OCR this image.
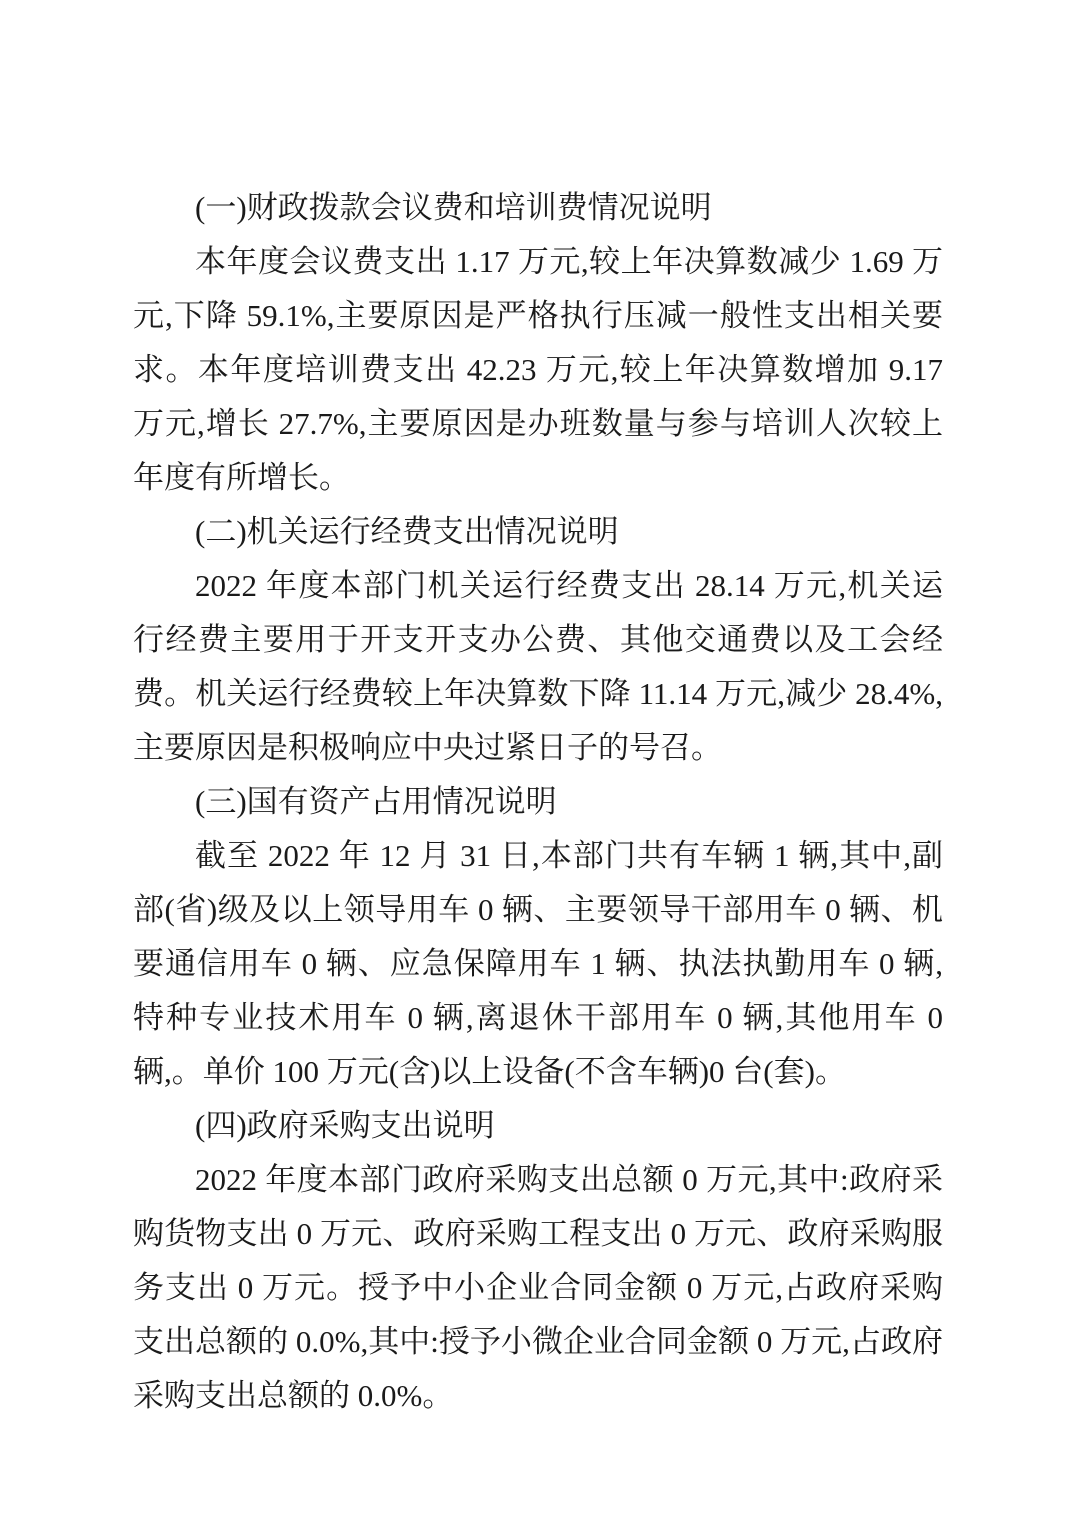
(一)财政拨款会议费和培训费情况说明

本年度会议费支出 1.17 万元,较上年决算数减少 1.69 万元,下降 59.1%,主要原因是严格执行压减一般性支出相关要求。本年度培训费支出 42.23 万元,较上年决算数增加 9.17 万元,增长 27.7%,主要原因是办班数量与参与培训人次较上年度有所增长。

(二)机关运行经费支出情况说明

2022 年度本部门机关运行经费支出 28.14 万元,机关运行经费主要用于开支开支办公费、其他交通费以及工会经费。机关运行经费较上年决算数下降 11.14 万元,减少 28.4%,主要原因是积极响应中央过紧日子的号召。

(三)国有资产占用情况说明

截至 2022 年 12 月 31 日,本部门共有车辆 1 辆,其中,副部(省)级及以上领导用车 0 辆、主要领导干部用车 0 辆、机要通信用车 0 辆、应急保障用车 1 辆、执法执勤用车 0 辆,特种专业技术用车 0 辆,离退休干部用车 0 辆,其他用车 0 辆,。单价 100 万元(含)以上设备(不含车辆)0 台(套)。

(四)政府采购支出说明

2022 年度本部门政府采购支出总额 0 万元,其中:政府采购货物支出 0 万元、政府采购工程支出 0 万元、政府采购服务支出 0 万元。授予中小企业合同金额 0 万元,占政府采购支出总额的 0.0%,其中:授予小微企业合同金额 0 万元,占政府采购支出总额的 0.0%。
